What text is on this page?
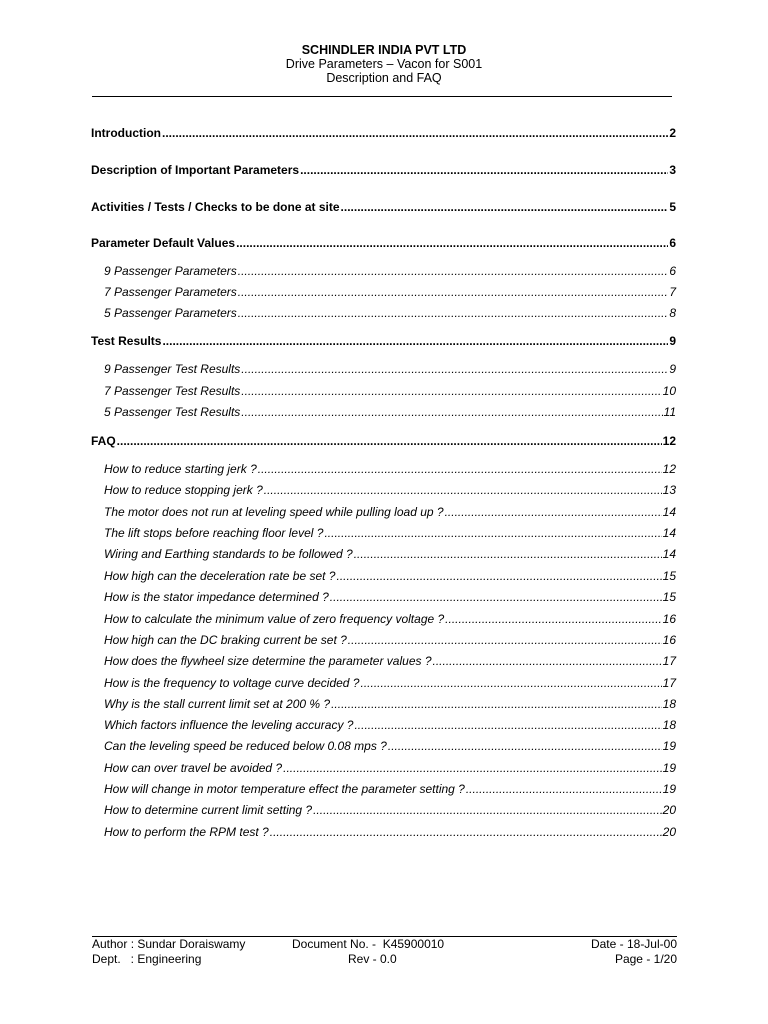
SCHINDLER INDIA PVT LTD
Drive Parameters – Vacon for S001
Description and FAQ
Introduction .....	2
Description of Important Parameters .....	3
Activities / Tests / Checks to be done at site .....	5
Parameter Default Values .....	6
9 Passenger Parameters .....	6
7 Passenger Parameters .....	7
5 Passenger Parameters .....	8
Test Results .....	9
9 Passenger Test Results .....	9
7 Passenger Test Results .....	10
5 Passenger Test Results .....	11
FAQ .....	12
How to reduce starting jerk ? .....	12
How to reduce stopping jerk ? .....	13
The motor does not run at leveling speed while pulling load up ? .....	14
The lift stops before reaching floor level ? .....	14
Wiring and Earthing standards to be followed ? .....	14
How high can the deceleration rate be set ? .....	15
How is the stator impedance determined ? .....	15
How to calculate the minimum value of zero frequency voltage ? .....	16
How high can the DC braking current be set ? .....	16
How does the flywheel size determine the parameter values ? .....	17
How is the frequency to voltage curve decided ? .....	17
Why is the stall current limit set at 200 % ? .....	18
Which factors influence the leveling accuracy ? .....	18
Can the leveling speed be reduced below 0.08 mps ? .....	19
How can over travel be avoided ? .....	19
How will change in motor temperature effect the parameter setting ? .....	19
How to determine current limit setting ? .....	20
How to perform the RPM test ? .....	20
Author : Sundar Doraiswamy	Document No. -  K45900010	Date - 18-Jul-00
Dept.   : Engineering	Rev - 0.0	Page - 1/20
